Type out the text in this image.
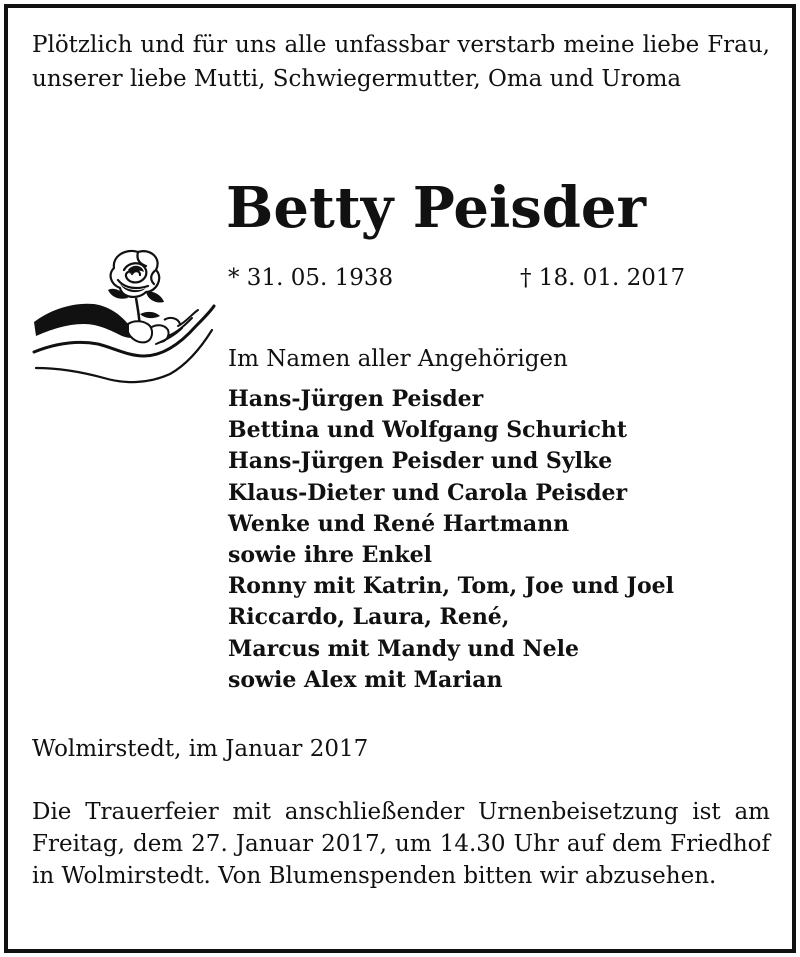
Plötzlich und für uns alle unfassbar verstarb meine liebe Frau, unserer liebe Mutti, Schwiegermutter, Oma und Uroma

Betty Peisder
* 31. 05. 1938	† 18. 01. 2017
Im Namen aller Angehörigen
Hans-Jürgen Peisder
Bettina und Wolfgang Schuricht
Hans-Jürgen Peisder und Sylke
Klaus-Dieter und Carola Peisder
Wenke und René Hartmann
sowie ihre Enkel
Ronny mit Katrin, Tom, Joe und Joel
Riccardo, Laura, René,
Marcus mit Mandy und Nele
sowie Alex mit Marian
Wolmirstedt, im Januar 2017

Die Trauerfeier mit anschließender Urnenbeisetzung ist am Freitag, dem 27. Januar 2017, um 14.30 Uhr auf dem Friedhof in Wolmirstedt. Von Blumenspenden bitten wir abzusehen.
